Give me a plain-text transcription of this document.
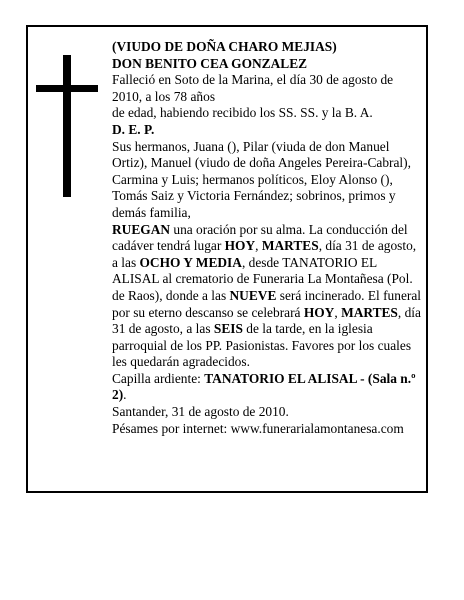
(VIUDO DE DOÑA CHARO MEJIAS)

DON BENITO CEA GONZALEZ

Falleció en Soto de la Marina, el día 30 de agosto de 2010, a los 78 años

de edad, habiendo recibido los SS. SS. y la B. A.

D. E. P.

Sus hermanos, Juana (), Pilar (viuda de don Manuel Ortiz), Manuel (viudo de doña Angeles Pereira-Cabral), Carmina y Luis; hermanos políticos, Eloy Alonso (), Tomás Saiz y Victoria Fernández; sobrinos, primos y demás familia,

RUEGAN una oración por su alma. La conducción del cadáver tendrá lugar HOY, MARTES, día 31 de agosto, a las OCHO Y MEDIA, desde TANATORIO EL ALISAL al crematorio de Funeraria La Montañesa (Pol. de Raos), donde a las NUEVE será incinerado. El funeral por su eterno descanso se celebrará HOY, MARTES, día 31 de agosto, a las SEIS de la tarde, en la iglesia parroquial de los PP. Pasionistas. Favores por los cuales les quedarán agradecidos.

Capilla ardiente: TANATORIO EL ALISAL - (Sala n.º 2).

Santander, 31 de agosto de 2010.

Pésames por internet: www.funerarialamontanesa.com
